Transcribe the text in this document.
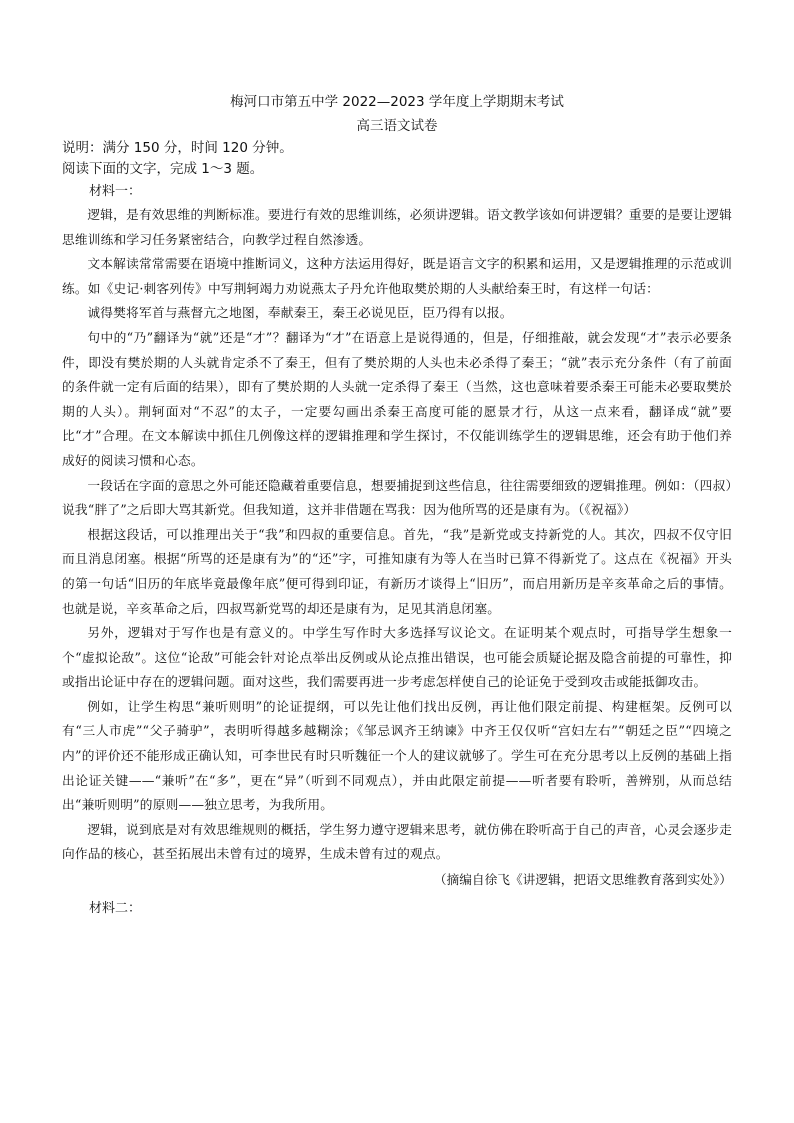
梅河口市第五中学 2022—2023 学年度上学期期末考试

高三语文试卷

说明：满分 150 分，时间 120 分钟。

阅读下面的文字，完成 1～3 题。

材料一：

逻辑，是有效思维的判断标准。要进行有效的思维训练，必须讲逻辑。语文教学该如何讲逻辑？重要的是要让逻辑思维训练和学习任务紧密结合，向教学过程自然渗透。

文本解读常常需要在语境中推断词义，这种方法运用得好，既是语言文字的积累和运用，又是逻辑推理的示范或训练。如《史记·刺客列传》中写荆轲竭力劝说燕太子丹允许他取樊於期的人头献给秦王时，有这样一句话：

诚得樊将军首与燕督亢之地图，奉献秦王，秦王必说见臣，臣乃得有以报。

句中的“乃”翻译为“就”还是“才”？翻译为“才”在语意上是说得通的，但是，仔细推敲，就会发现“才”表示必要条件，即没有樊於期的人头就肯定杀不了秦王，但有了樊於期的人头也未必杀得了秦王；“就”表示充分条件（有了前面的条件就一定有后面的结果），即有了樊於期的人头就一定杀得了秦王（当然，这也意味着要杀秦王可能未必要取樊於期的人头）。荆轲面对“不忍”的太子，一定要勾画出杀秦王高度可能的愿景才行，从这一点来看，翻译成“就”要比“才”合理。在文本解读中抓住几例像这样的逻辑推理和学生探讨，不仅能训练学生的逻辑思维，还会有助于他们养成好的阅读习惯和心态。

一段话在字面的意思之外可能还隐藏着重要信息，想要捕捉到这些信息，往往需要细致的逻辑推理。例如：（四叔）说我“胖了”之后即大骂其新党。但我知道，这并非借题在骂我：因为他所骂的还是康有为。（《祝福》）

根据这段话，可以推理出关于“我”和四叔的重要信息。首先，“我”是新党或支持新党的人。其次，四叔不仅守旧而且消息闭塞。根据“所骂的还是康有为”的“还”字，可推知康有为等人在当时已算不得新党了。这点在《祝福》开头的第一句话“旧历的年底毕竟最像年底”便可得到印证，有新历才谈得上“旧历”，而启用新历是辛亥革命之后的事情。也就是说，辛亥革命之后，四叔骂新党骂的却还是康有为，足见其消息闭塞。

另外，逻辑对于写作也是有意义的。中学生写作时大多选择写议论文。在证明某个观点时，可指导学生想象一个“虚拟论敌”。这位“论敌”可能会针对论点举出反例或从论点推出错误，也可能会质疑论据及隐含前提的可靠性，抑或指出论证中存在的逻辑问题。面对这些，我们需要再进一步考虑怎样使自己的论证免于受到攻击或能抵御攻击。

例如，让学生构思“兼听则明”的论证提纲，可以先让他们找出反例，再让他们限定前提、构建框架。反例可以有“三人市虎”“父子骑驴”，表明听得越多越糊涂；《邹忌讽齐王纳谏》中齐王仅仅听“宫妇左右”“朝廷之臣”“四境之内”的评价还不能形成正确认知，可李世民有时只听魏征一个人的建议就够了。学生可在充分思考以上反例的基础上指出论证关键——“兼听”在“多”，更在“异”（听到不同观点），并由此限定前提——听者要有聆听，善辨别，从而总结出“兼听则明”的原则——独立思考，为我所用。

逻辑，说到底是对有效思维规则的概括，学生努力遵守逻辑来思考，就仿佛在聆听高于自己的声音，心灵会逐步走向作品的核心，甚至拓展出未曾有过的境界，生成未曾有过的观点。

（摘编自徐飞《讲逻辑，把语文思维教育落到实处》）

材料二：
